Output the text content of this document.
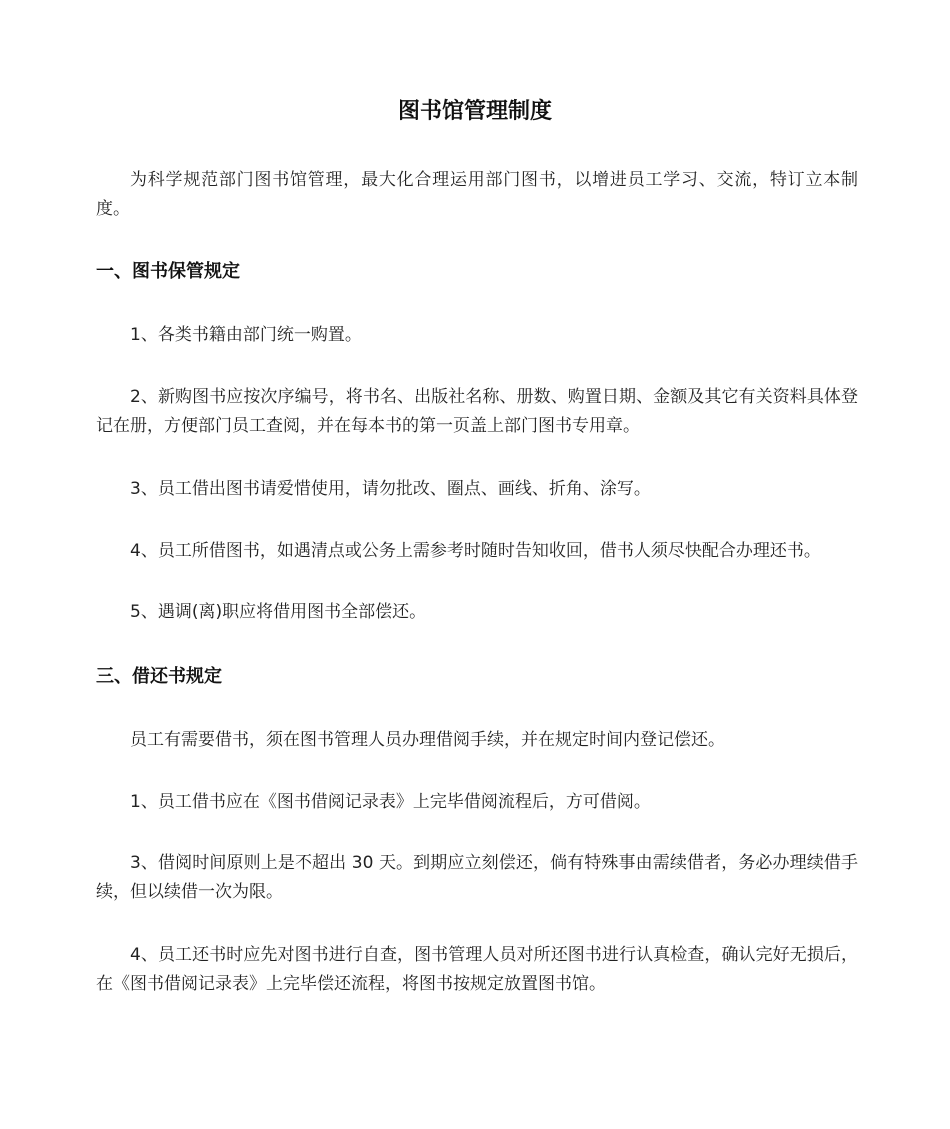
图书馆管理制度

为科学规范部门图书馆管理，最大化合理运用部门图书，以增进员工学习、交流，特订立本制度。

一、图书保管规定

1、各类书籍由部门统一购置。

2、新购图书应按次序编号，将书名、出版社名称、册数、购置日期、金额及其它有关资料具体登记在册，方便部门员工查阅，并在每本书的第一页盖上部门图书专用章。

3、员工借出图书请爱惜使用，请勿批改、圈点、画线、折角、涂写。

4、员工所借图书，如遇清点或公务上需参考时随时告知收回，借书人须尽快配合办理还书。

5、遇调(离)职应将借用图书全部偿还。

三、借还书规定

员工有需要借书，须在图书管理人员办理借阅手续，并在规定时间内登记偿还。

1、员工借书应在《图书借阅记录表》上完毕借阅流程后，方可借阅。

3、借阅时间原则上是不超出 30 天。到期应立刻偿还，倘有特殊事由需续借者，务必办理续借手续，但以续借一次为限。

4、员工还书时应先对图书进行自查，图书管理人员对所还图书进行认真检查，确认完好无损后，在《图书借阅记录表》上完毕偿还流程，将图书按规定放置图书馆。
